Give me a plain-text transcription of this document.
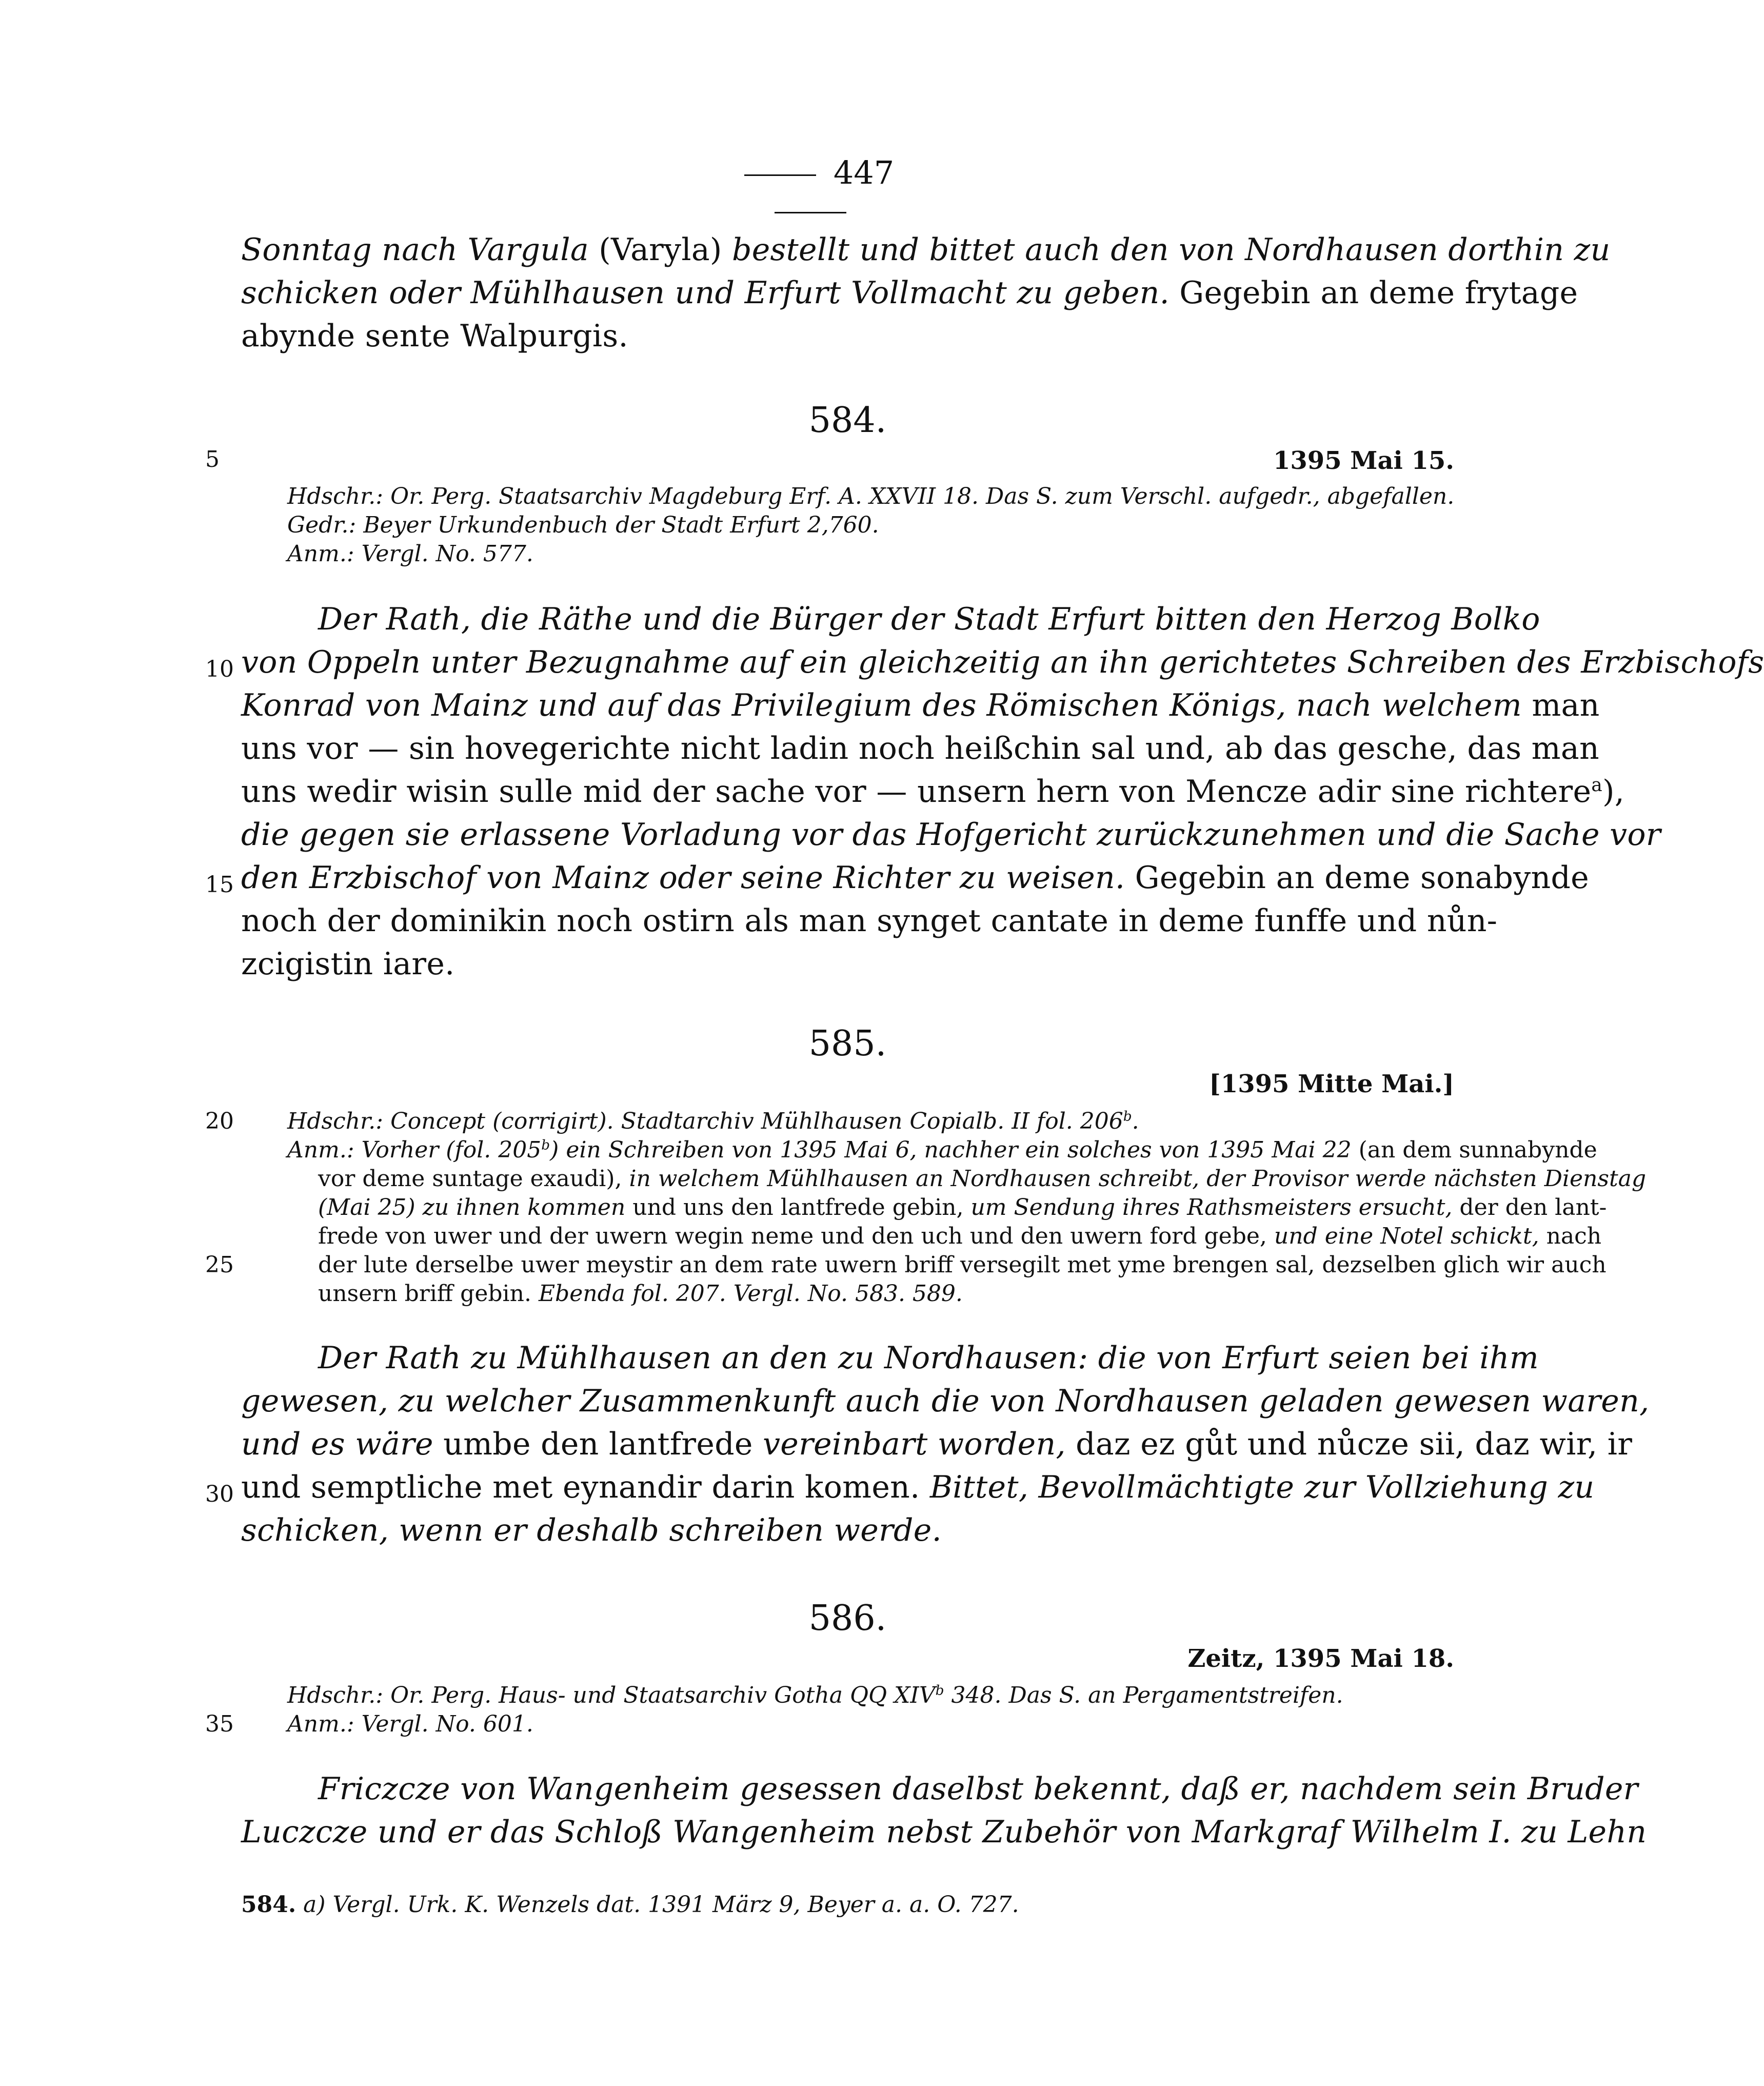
447
Sonntag nach Vargula (Varyla) bestellt und bittet auch den von Nordhausen dorthin zu
schicken oder Mühlhausen und Erfurt Vollmacht zu geben. Gegebin an deme frytage
abynde sente Walpurgis.
584.
1395 Mai 15.
5
Hdschr.: Or. Perg. Staatsarchiv Magdeburg Erf. A. XXVII 18. Das S. zum Verschl. aufgedr., abgefallen.
Gedr.: Beyer Urkundenbuch der Stadt Erfurt 2,760.
Anm.: Vergl. No. 577.
Der Rath, die Räthe und die Bürger der Stadt Erfurt bitten den Herzog Bolko
10 von Oppeln unter Bezugnahme auf ein gleichzeitig an ihn gerichtetes Schreiben des Erzbischofs
Konrad von Mainz und auf das Privilegium des Römischen Königs, nach welchem man
uns vor — sin hovegerichte nicht ladin noch heißchin sal und, ab das gesche, das man
uns wedir wisin sulle mid der sache vor — unsern hern von Mencze adir sine richtere$^a$),
die gegen sie erlassene Vorladung vor das Hofgericht zurückzunehmen und die Sache vor
15 den Erzbischof von Mainz oder seine Richter zu weisen. Gegebin an deme sonabynde
noch der dominikin noch ostirn als man synget cantate in deme funffe und nůn-
zcigistin iare.
585.
[1395 Mitte Mai.]
20 Hdschr.: Concept (corrigirt). Stadtarchiv Mühlhausen Copialb. II fol. 206$^b$.
Anm.: Vorher (fol. 205$^b$) ein Schreiben von 1395 Mai 6, nachher ein solches von 1395 Mai 22 (an dem sunnabynde
vor deme suntage exaudi), in welchem Mühlhausen an Nordhausen schreibt, der Provisor werde nächsten Dienstag
(Mai 25) zu ihnen kommen und uns den lantfrede gebin, um Sendung ihres Rathsmeisters ersucht, der den lant-
frede von uwer und der uwern wegin neme und den uch und den uwern ford gebe, und eine Notel schickt, nach
25	der lute derselbe uwer meystir an dem rate uwern briff versegilt met yme brengen sal, dezselben glich wir auch
unsern briff gebin. Ebenda fol. 207. Vergl. No. 583. 589.
Der Rath zu Mühlhausen an den zu Nordhausen: die von Erfurt seien bei ihm
gewesen, zu welcher Zusammenkunft auch die von Nordhausen geladen gewesen waren,
und es wäre umbe den lantfrede vereinbart worden, daz ez gůt und nůcze sii, daz wir, ir
30 und semptliche met eynandir darin komen. Bittet, Bevollmächtigte zur Vollziehung zu
schicken, wenn er deshalb schreiben werde.
586.
Zeitz, 1395 Mai 18.
Hdschr.: Or. Perg. Haus- und Staatsarchiv Gotha QQ XIV$^b$ 348. Das S. an Pergamentstreifen.
35 Anm.: Vergl. No. 601.
Friczcze von Wangenheim gesessen daselbst bekennt, daß er, nachdem sein Bruder
Luczcze und er das Schloß Wangenheim nebst Zubehör von Markgraf Wilhelm I. zu Lehn
584. a) Vergl. Urk. K. Wenzels dat. 1391 März 9, Beyer a. a. O. 727.
